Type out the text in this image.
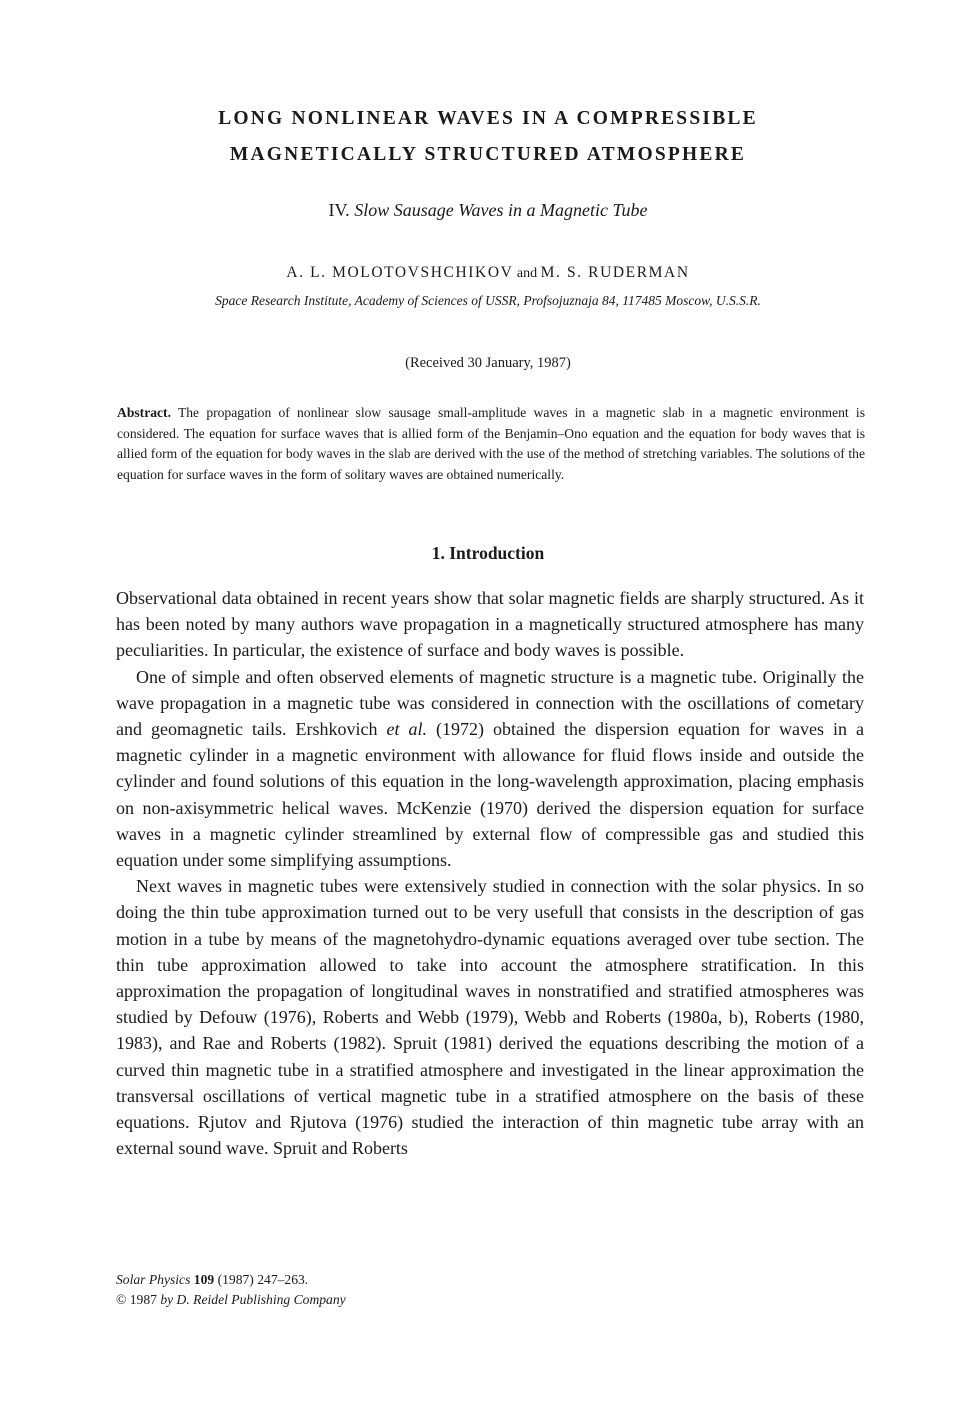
LONG NONLINEAR WAVES IN A COMPRESSIBLE
MAGNETICALLY STRUCTURED ATMOSPHERE

IV. Slow Sausage Waves in a Magnetic Tube

A. L. MOLOTOVSHCHIKOV and M. S. RUDERMAN

Space Research Institute, Academy of Sciences of USSR, Profsojuznaja 84, 117485 Moscow, U.S.S.R.

(Received 30 January, 1987)

Abstract. The propagation of nonlinear slow sausage small-amplitude waves in a magnetic slab in a magnetic environment is considered. The equation for surface waves that is allied form of the Benjamin–Ono equation and the equation for body waves that is allied form of the equation for body waves in the slab are derived with the use of the method of stretching variables. The solutions of the equation for surface waves in the form of solitary waves are obtained numerically.

1. Introduction

Observational data obtained in recent years show that solar magnetic fields are sharply structured. As it has been noted by many authors wave propagation in a magnetically structured atmosphere has many peculiarities. In particular, the existence of surface and body waves is possible.

One of simple and often observed elements of magnetic structure is a magnetic tube. Originally the wave propagation in a magnetic tube was considered in connection with the oscillations of cometary and geomagnetic tails. Ershkovich et al. (1972) obtained the dispersion equation for waves in a magnetic cylinder in a magnetic environment with allowance for fluid flows inside and outside the cylinder and found solutions of this equation in the long-wavelength approximation, placing emphasis on non-axisymmetric helical waves. McKenzie (1970) derived the dispersion equation for surface waves in a magnetic cylinder streamlined by external flow of compressible gas and studied this equation under some simplifying assumptions.

Next waves in magnetic tubes were extensively studied in connection with the solar physics. In so doing the thin tube approximation turned out to be very usefull that consists in the description of gas motion in a tube by means of the magnetohydro-dynamic equations averaged over tube section. The thin tube approximation allowed to take into account the atmosphere stratification. In this approximation the propagation of longitudinal waves in nonstratified and stratified atmospheres was studied by Defouw (1976), Roberts and Webb (1979), Webb and Roberts (1980a, b), Roberts (1980, 1983), and Rae and Roberts (1982). Spruit (1981) derived the equations describing the motion of a curved thin magnetic tube in a stratified atmosphere and investigated in the linear approximation the transversal oscillations of vertical magnetic tube in a stratified atmosphere on the basis of these equations. Rjutov and Rjutova (1976) studied the interaction of thin magnetic tube array with an external sound wave. Spruit and Roberts

Solar Physics 109 (1987) 247–263.
© 1987 by D. Reidel Publishing Company
